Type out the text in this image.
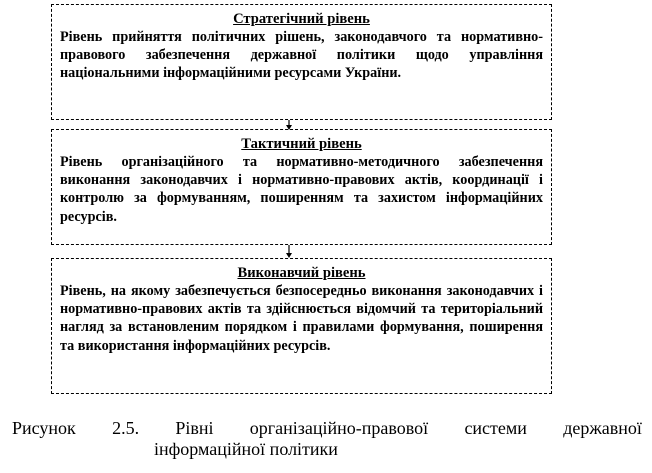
Стратегічний рівень
Рівень прийняття політичних рішень, законодавчого та нормативно-правового забезпечення державної політики щодо управління національними інформаційними ресурсами України.
Тактичний рівень
Рівень організаційного та нормативно-методичного забезпечення виконання законодавчих і нормативно-правових актів, координації і контролю за формуванням, поширенням та захистом інформаційних ресурсів.
Виконавчий рівень
Рівень, на якому забезпечується безпосередньо виконання законодавчих і нормативно-правових актів та здійснюється відомчий та територіальний нагляд за встановленим порядком і правилами формування, поширення та використання інформаційних ресурсів.
Рисунок 2.5. Рівні організаційно-правової системи державної
інформаційної політики
